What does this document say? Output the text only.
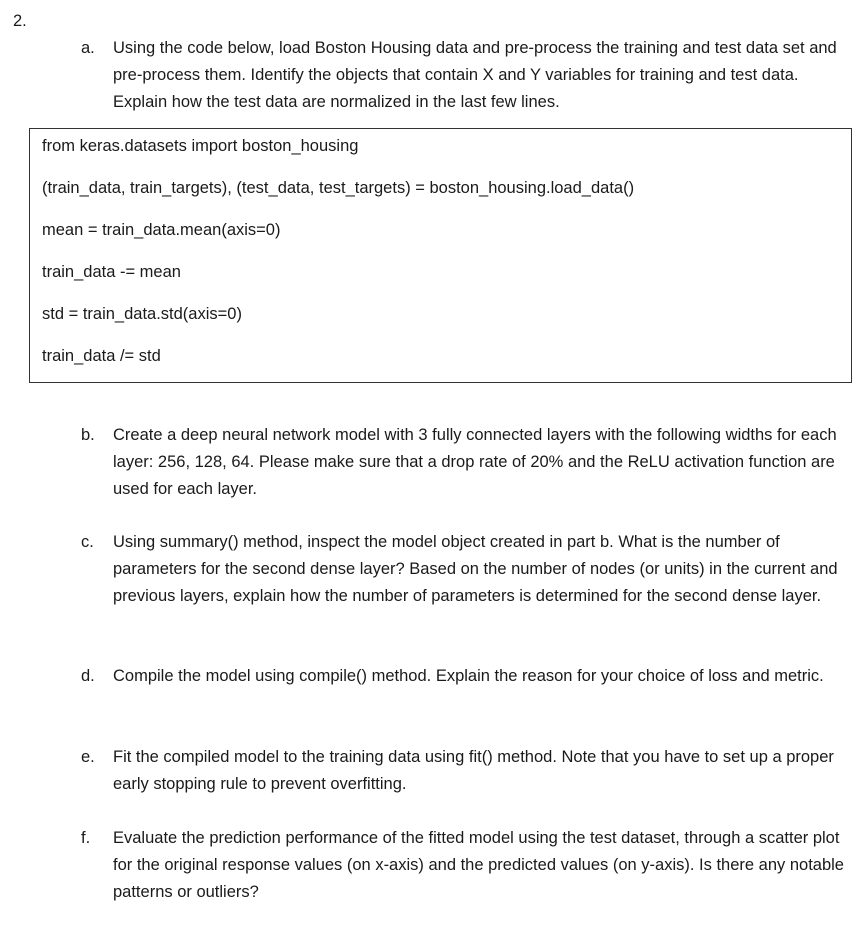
2.
a.	Using the code below, load Boston Housing data and pre-process the training and test data set and pre-process them. Identify the objects that contain X and Y variables for training and test data. Explain how the test data are normalized in the last few lines.
from keras.datasets import boston_housing
(train_data, train_targets), (test_data, test_targets) = boston_housing.load_data()
mean = train_data.mean(axis=0)
train_data -= mean
std = train_data.std(axis=0)
train_data /= std
b.	Create a deep neural network model with 3 fully connected layers with the following widths for each layer: 256, 128, 64. Please make sure that a drop rate of 20% and the ReLU activation function are used for each layer.
c.	Using summary() method, inspect the model object created in part b. What is the number of parameters for the second dense layer? Based on the number of nodes (or units) in the current and previous layers, explain how the number of parameters is determined for the second dense layer.
d.	Compile the model using compile() method. Explain the reason for your choice of loss and metric.
e.	Fit the compiled model to the training data using fit() method. Note that you have to set up a proper early stopping rule to prevent overfitting.
f.	Evaluate the prediction performance of the fitted model using the test dataset, through a scatter plot for the original response values (on x-axis) and the predicted values (on y-axis). Is there any notable patterns or outliers?
